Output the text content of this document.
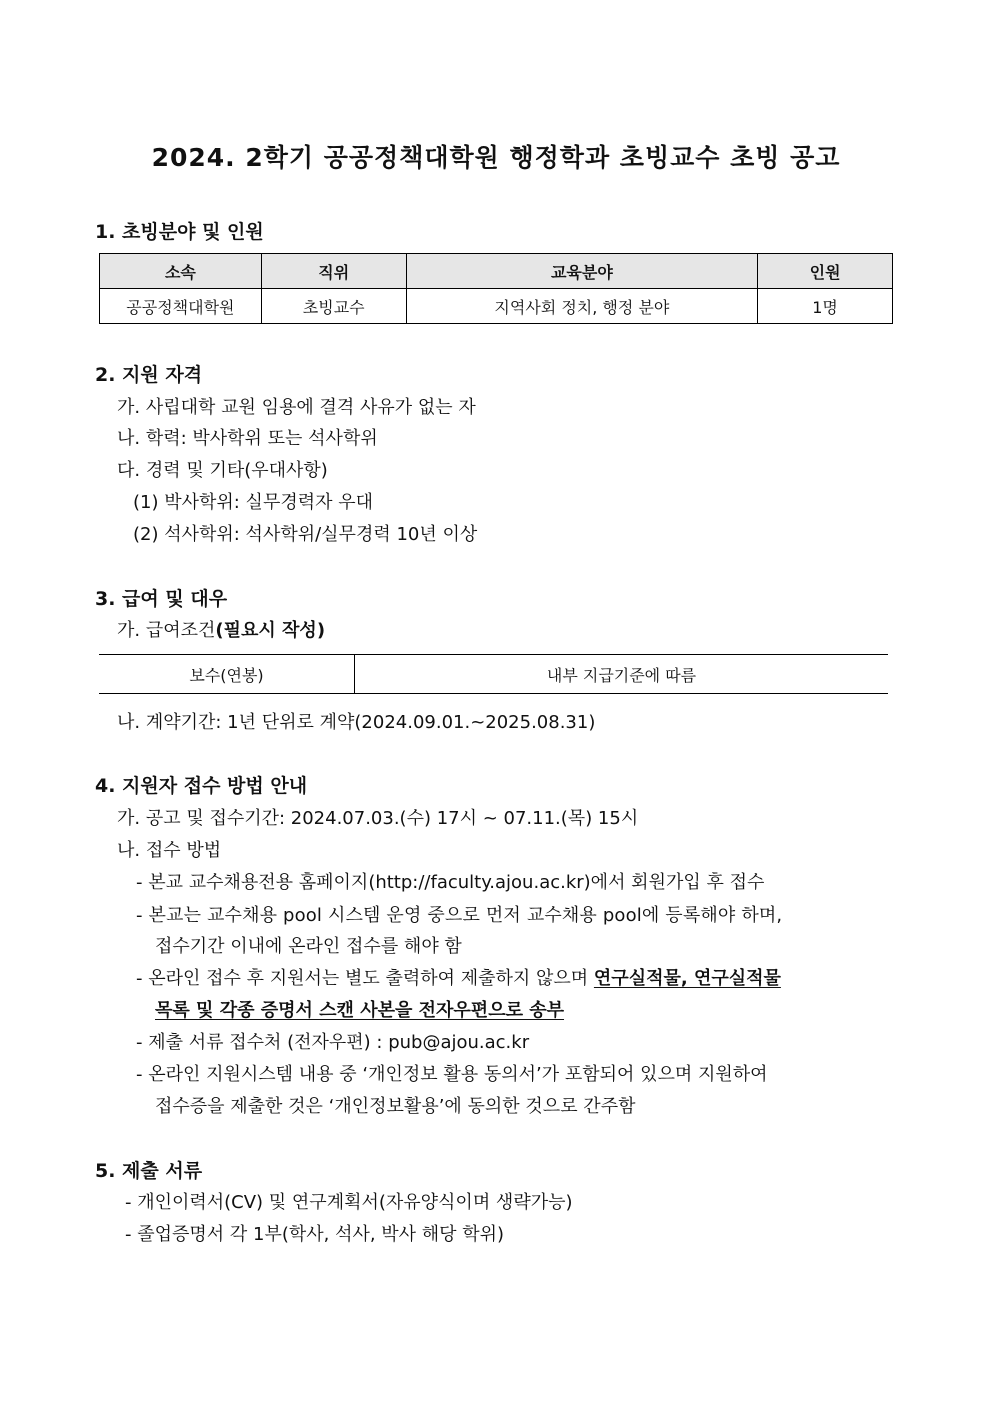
2024. 2학기 공공정책대학원 행정학과 초빙교수 초빙 공고
1. 초빙분야 및 인원
소속	직위	교육분야	인원
공공정책대학원	초빙교수	지역사회 정치, 행정 분야	1명
2. 지원 자격
가. 사립대학 교원 임용에 결격 사유가 없는 자
나. 학력: 박사학위 또는 석사학위
다. 경력 및 기타(우대사항)
(1) 박사학위: 실무경력자 우대
(2) 석사학위: 석사학위/실무경력 10년 이상
3. 급여 및 대우
가. 급여조건(필요시 작성)
보수(연봉)	내부 지급기준에 따름
나. 계약기간: 1년 단위로 계약(2024.09.01.~2025.08.31)
4. 지원자 접수 방법 안내
가. 공고 및 접수기간: 2024.07.03.(수) 17시 ~ 07.11.(목) 15시
나. 접수 방법
- 본교 교수채용전용 홈페이지(http://faculty.ajou.ac.kr)에서 회원가입 후 접수
- 본교는 교수채용 pool 시스템 운영 중으로 먼저 교수채용 pool에 등록해야 하며,
접수기간 이내에 온라인 접수를 해야 함
- 온라인 접수 후 지원서는 별도 출력하여 제출하지 않으며 연구실적물, 연구실적물
목록 및 각종 증명서 스캔 사본을 전자우편으로 송부
- 제출 서류 접수처 (전자우편) : pub@ajou.ac.kr
- 온라인 지원시스템 내용 중 ‘개인정보 활용 동의서’가 포함되어 있으며 지원하여
접수증을 제출한 것은 ‘개인정보활용’에 동의한 것으로 간주함
5. 제출 서류
- 개인이력서(CV) 및 연구계획서(자유양식이며 생략가능)
- 졸업증명서 각 1부(학사, 석사, 박사 해당 학위)
